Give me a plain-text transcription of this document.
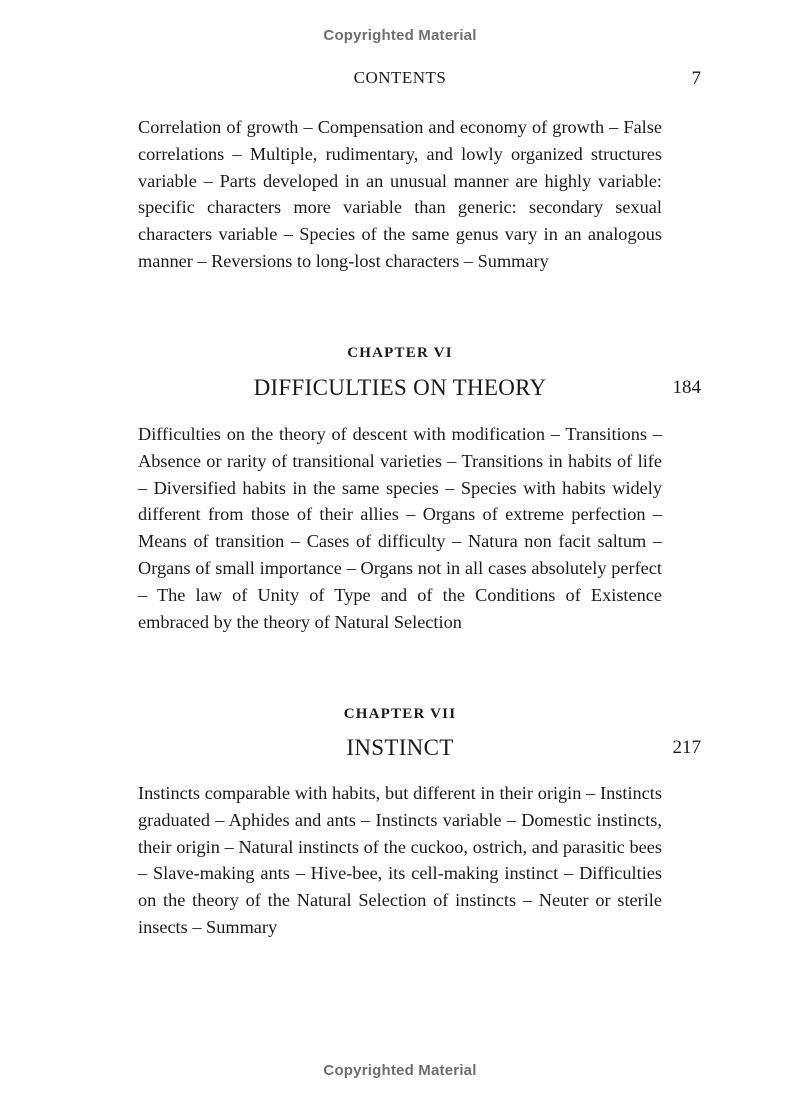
Copyrighted Material
CONTENTS	7

Correlation of growth – Compensation and economy of growth – False correlations – Multiple, rudimentary, and lowly organized structures variable – Parts developed in an unusual manner are highly variable: specific characters more variable than generic: secondary sexual characters variable – Species of the same genus vary in an analogous manner – Reversions to long-lost characters – Summary

CHAPTER VI
DIFFICULTIES ON THEORY	184

Difficulties on the theory of descent with modification – Transitions – Absence or rarity of transitional varieties – Transitions in habits of life – Diversified habits in the same species – Species with habits widely different from those of their allies – Organs of extreme perfection – Means of transition – Cases of difficulty – Natura non facit saltum – Organs of small importance – Organs not in all cases absolutely perfect – The law of Unity of Type and of the Conditions of Existence embraced by the theory of Natural Selection

CHAPTER VII
INSTINCT	217

Instincts comparable with habits, but different in their origin – Instincts graduated – Aphides and ants – Instincts variable – Domestic instincts, their origin – Natural instincts of the cuckoo, ostrich, and parasitic bees – Slave-making ants – Hive-bee, its cell-making instinct – Difficulties on the theory of the Natural Selection of instincts – Neuter or sterile insects – Summary

Copyrighted Material
